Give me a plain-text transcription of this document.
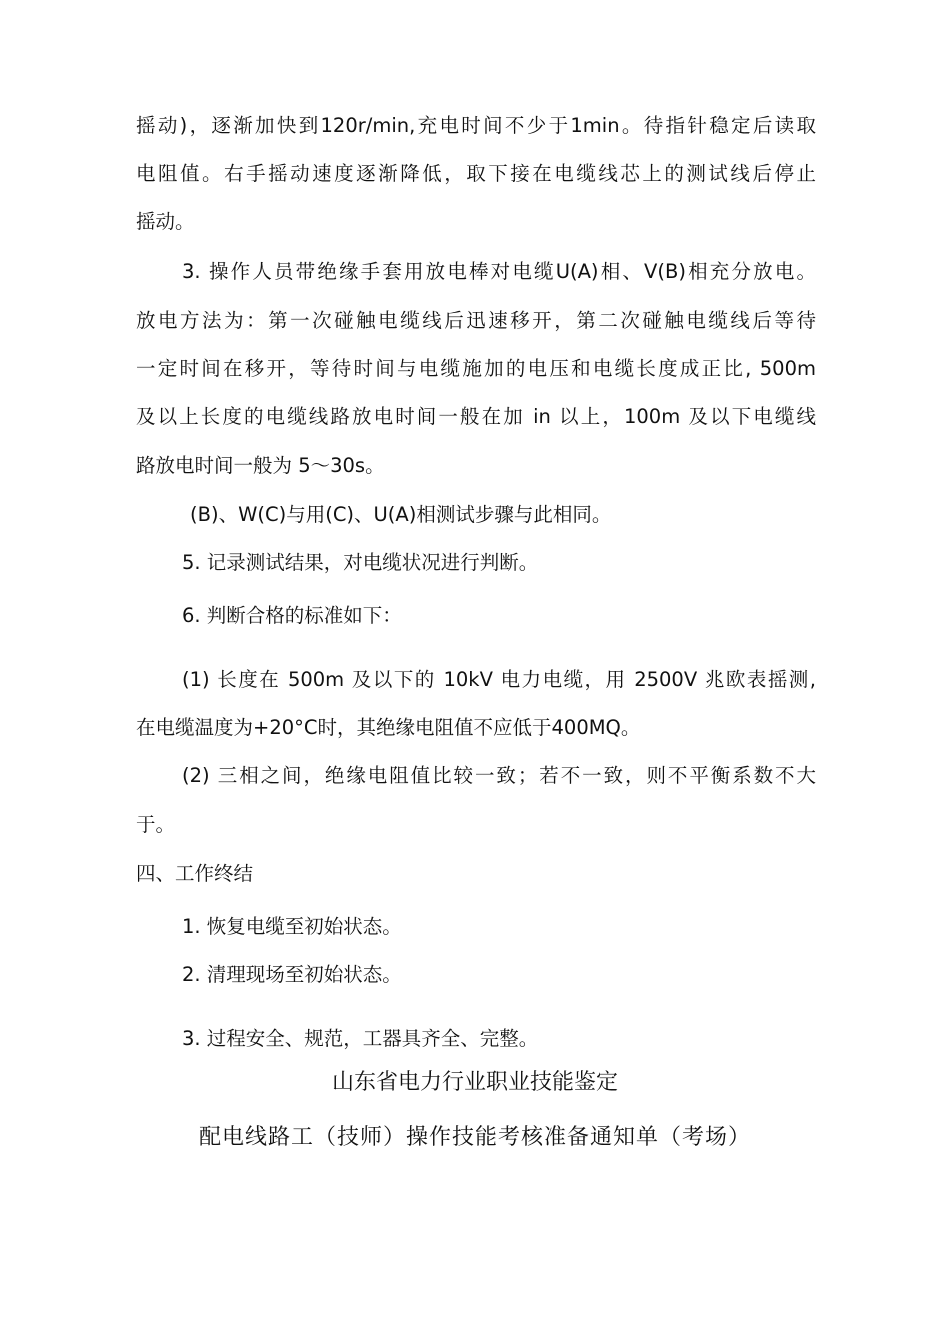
摇动)，逐渐加快到120r/min,充电时间不少于1min。待指针稳定后读取
电阻值。右手摇动速度逐渐降低，取下接在电缆线芯上的测试线后停止
摇动。
3. 操作人员带绝缘手套用放电棒对电缆U(A)相、V(B)相充分放电。
放电方法为：第一次碰触电缆线后迅速移开，第二次碰触电缆线后等待
一定时间在移开，等待时间与电缆施加的电压和电缆长度成正比, 500m
及以上长度的电缆线路放电时间一般在加 in 以上，100m 及以下电缆线
路放电时间一般为 5〜30s。
(B)、W(C)与用(C)、U(A)相测试步骤与此相同。
5. 记录测试结果，对电缆状况进行判断。
6. 判断合格的标准如下：
(1) 长度在 500m 及以下的 10kV 电力电缆，用 2500V 兆欧表摇测,
在电缆温度为+20°C时，其绝缘电阻值不应低于400MQ。
(2) 三相之间，绝缘电阻值比较一致；若不一致，则不平衡系数不大
于。
四、工作终结
1. 恢复电缆至初始状态。
2. 清理现场至初始状态。
3. 过程安全、规范，工器具齐全、完整。
山东省电力行业职业技能鉴定
配电线路工（技师）操作技能考核准备通知单（考场）
